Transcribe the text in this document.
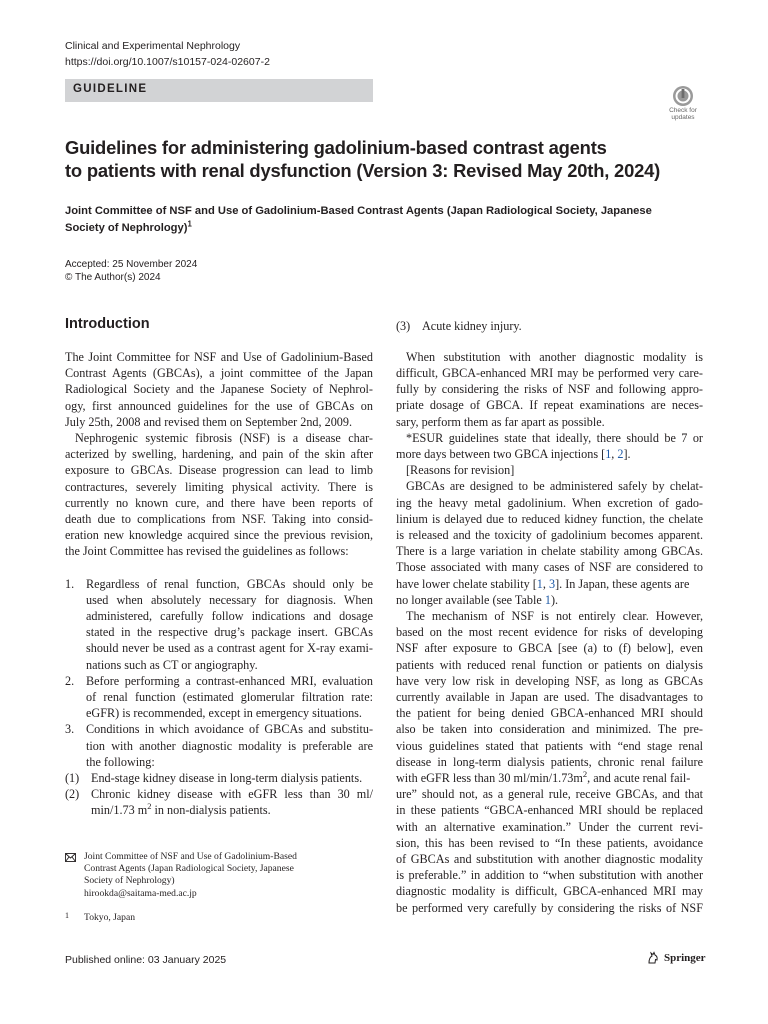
Clinical and Experimental Nephrology
https://doi.org/10.1007/s10157-024-02607-2
GUIDELINE
Check for
updates
Guidelines for administering gadolinium-based contrast agents
to patients with renal dysfunction (Version 3: Revised May 20th, 2024)
Joint Committee of NSF and Use of Gadolinium-Based Contrast Agents (Japan Radiological Society, Japanese
Society of Nephrology)$^1$
Accepted: 25 November 2024
© The Author(s) 2024
Introduction
The Joint Committee for NSF and Use of Gadolinium-Based
Contrast Agents (GBCAs), a joint committee of the Japan
Radiological Society and the Japanese Society of Nephrol-
ogy, first announced guidelines for the use of GBCAs on
July 25th, 2008 and revised them on September 2nd, 2009.
Nephrogenic systemic fibrosis (NSF) is a disease char-
acterized by swelling, hardening, and pain of the skin after
exposure to GBCAs. Disease progression can lead to limb
contractures, severely limiting physical activity. There is
currently no known cure, and there have been reports of
death due to complications from NSF. Taking into consid-
eration new knowledge acquired since the previous revision,
the Joint Committee has revised the guidelines as follows:
1. Regardless of renal function, GBCAs should only be
used when absolutely necessary for diagnosis. When
administered, carefully follow indications and dosage
stated in the respective drug’s package insert. GBCAs
should never be used as a contrast agent for X-ray exami-
nations such as CT or angiography.
2. Before performing a contrast-enhanced MRI, evaluation
of renal function (estimated glomerular filtration rate:
eGFR) is recommended, except in emergency situations.
3. Conditions in which avoidance of GBCAs and substitu-
tion with another diagnostic modality is preferable are
the following:
(1) End-stage kidney disease in long-term dialysis patients.
(2) Chronic kidney disease with eGFR less than 30 ml/
min/1.73 $m^2$ in non-dialysis patients.
(3) Acute kidney injury.
When substitution with another diagnostic modality is
difficult, GBCA-enhanced MRI may be performed very care-
fully by considering the risks of NSF and following appro-
priate dosage of GBCA. If repeat examinations are neces-
sary, perform them as far apart as possible.
*ESUR guidelines state that ideally, there should be 7 or
more days between two GBCA injections [1, 2].
[Reasons for revision]
GBCAs are designed to be administered safely by chelat-
ing the heavy metal gadolinium. When excretion of gado-
linium is delayed due to reduced kidney function, the chelate
is released and the toxicity of gadolinium becomes apparent.
There is a large variation in chelate stability among GBCAs.
Those associated with many cases of NSF are considered to
have lower chelate stability [1, 3]. In Japan, these agents are
no longer available (see Table 1).
The mechanism of NSF is not entirely clear. However,
based on the most recent evidence for risks of developing
NSF after exposure to GBCA [see (a) to (f) below], even
patients with reduced renal function or patients on dialysis
have very low risk in developing NSF, as long as GBCAs
currently available in Japan are used. The disadvantages to
the patient for being denied GBCA-enhanced MRI should
also be taken into consideration and minimized. The pre-
vious guidelines stated that patients with “end stage renal
disease in long-term dialysis patients, chronic renal failure
with eGFR less than 30 $ml/\min/1.73m^2$, and acute renal fail-
ure” should not, as a general rule, receive GBCAs, and that
in these patients “GBCA-enhanced MRI should be replaced
with an alternative examination.” Under the current revi-
sion, this has been revised to “In these patients, avoidance
of GBCAs and substitution with another diagnostic modality
is preferable.” in addition to “when substitution with another
diagnostic modality is difficult, GBCA-enhanced MRI may
be performed very carefully by considering the risks of NSF
Joint Committee of NSF and Use of Gadolinium-Based
Contrast Agents (Japan Radiological Society, Japanese
Society of Nephrology)
hirookda@saitama-med.ac.jp
1 Tokyo, Japan
Published online: 03 January 2025	Springer
